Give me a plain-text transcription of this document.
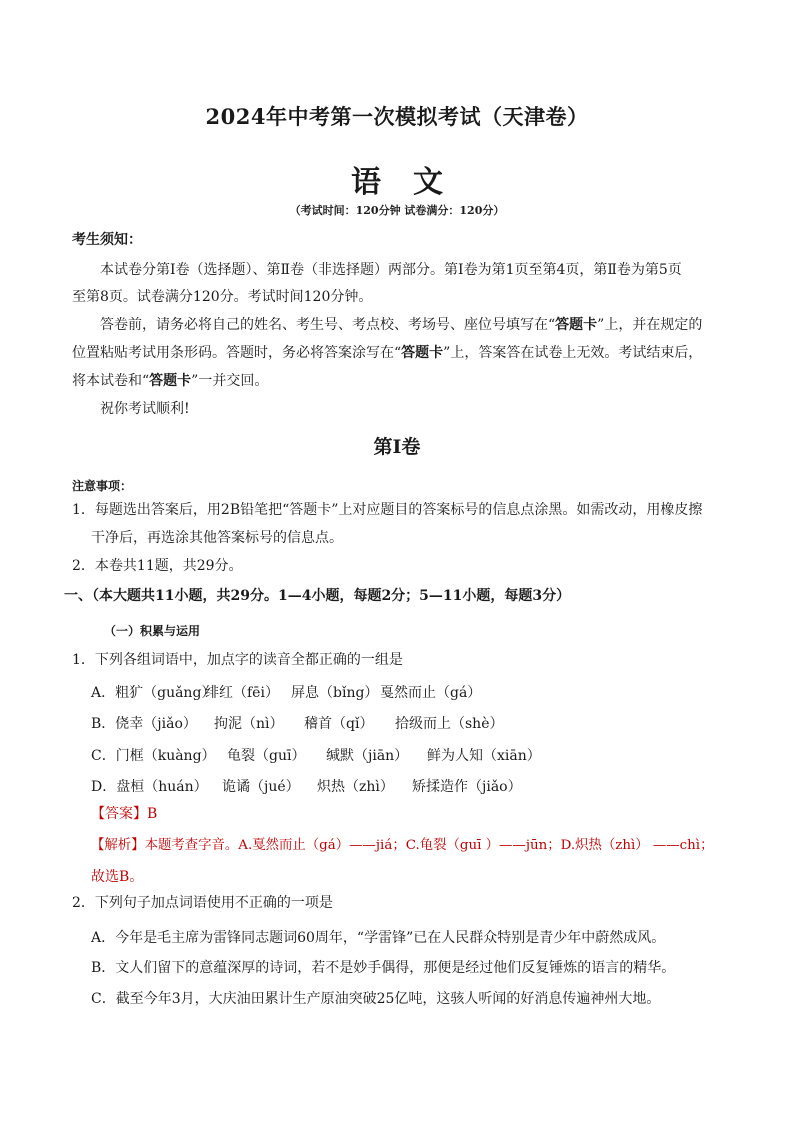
2024年中考第一次模拟考试（天津卷）
语 文
（考试时间：120分钟 试卷满分：120分）
考生须知：
本试卷分第Ⅰ卷（选择题）、第Ⅱ卷（非选择题）两部分。第Ⅰ卷为第1页至第4页，第Ⅱ卷为第5页
至第8页。试卷满分120分。考试时间120分钟。
答卷前，请务必将自己的姓名、考生号、考点校、考场号、座位号填写在“答题卡”上，并在规定的
位置粘贴考试用条形码。答题时，务必将答案涂写在“答题卡”上，答案答在试卷上无效。考试结束后，
将本试卷和“答题卡”一并交回。
祝你考试顺利!
第Ⅰ卷
注意事项：
1．每题选出答案后，用2B铅笔把“答题卡”上对应题目的答案标号的信息点涂黑。如需改动，用橡皮擦
干净后，再选涂其他答案标号的信息点。
2．本卷共11题，共29分。
一、（本大题共11小题，共29分。1—4小题，每题2分；5—11小题，每题3分）
（一）积累与运用
1．下列各组词语中，加点字的读音全都正确的一组是
A．粗犷（guǎng）绯红（fēi） 屏息（bǐng） 戛然而止（gá）
B．侥幸（jiǎo） 拘泥（nì） 稽首（qǐ） 拾级而上（shè）
C．门框（kuàng） 龟裂（guī） 缄默（jiān） 鲜为人知（xiān）
D．盘桓（huán） 诡谲（jué） 炽热（zhì） 矫揉造作（jiǎo）
【答案】B
【解析】本题考查字音。A.戛然而止（gá）——jiá；C.龟裂（guī ）——jūn；D.炽热（zhì） ——chì；
故选B。
2．下列句子加点词语使用不正确的一项是
A．今年是毛主席为雷锋同志题词60周年，“学雷锋”已在人民群众特别是青少年中蔚然成风。
B．文人们留下的意蕴深厚的诗词，若不是妙手偶得，那便是经过他们反复锤炼的语言的精华。
C．截至今年3月，大庆油田累计生产原油突破25亿吨，这骇人听闻的好消息传遍神州大地。
